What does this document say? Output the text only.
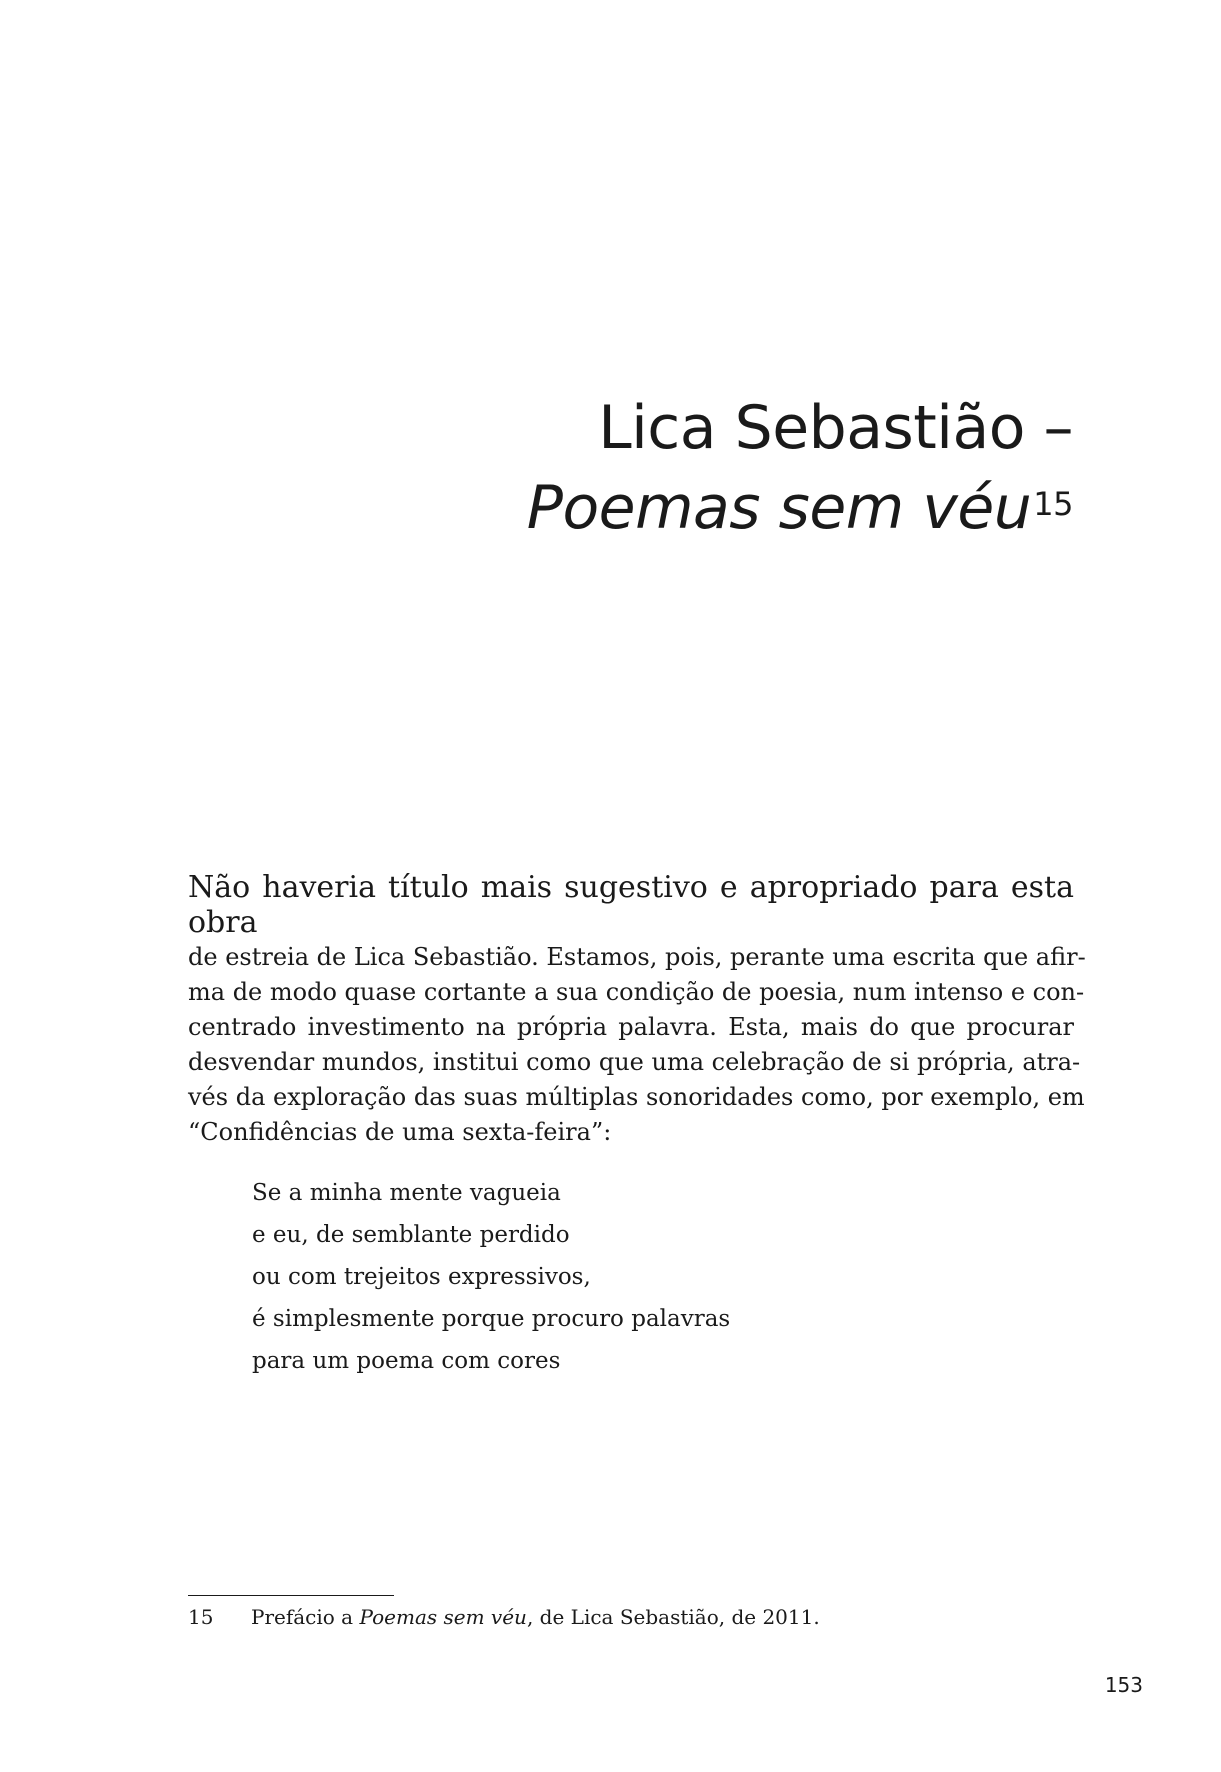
Lica Sebastião –
Poemas sem véu$^{15}$
Não haveria título mais sugestivo e apropriado para esta obra
de estreia de Lica Sebastião. Estamos, pois, perante uma escrita que afir-
ma de modo quase cortante a sua condição de poesia, num intenso e con-
centrado investimento na própria palavra. Esta, mais do que procurar
desvendar mundos, institui como que uma celebração de si própria, atra-
vés da exploração das suas múltiplas sonoridades como, por exemplo, em
“Confidências de uma sexta-feira”:
Se a minha mente vagueia
e eu, de semblante perdido
ou com trejeitos expressivos,
é simplesmente porque procuro palavras
para um poema com cores
15 Prefácio a Poemas sem véu, de Lica Sebastião, de 2011.
153
